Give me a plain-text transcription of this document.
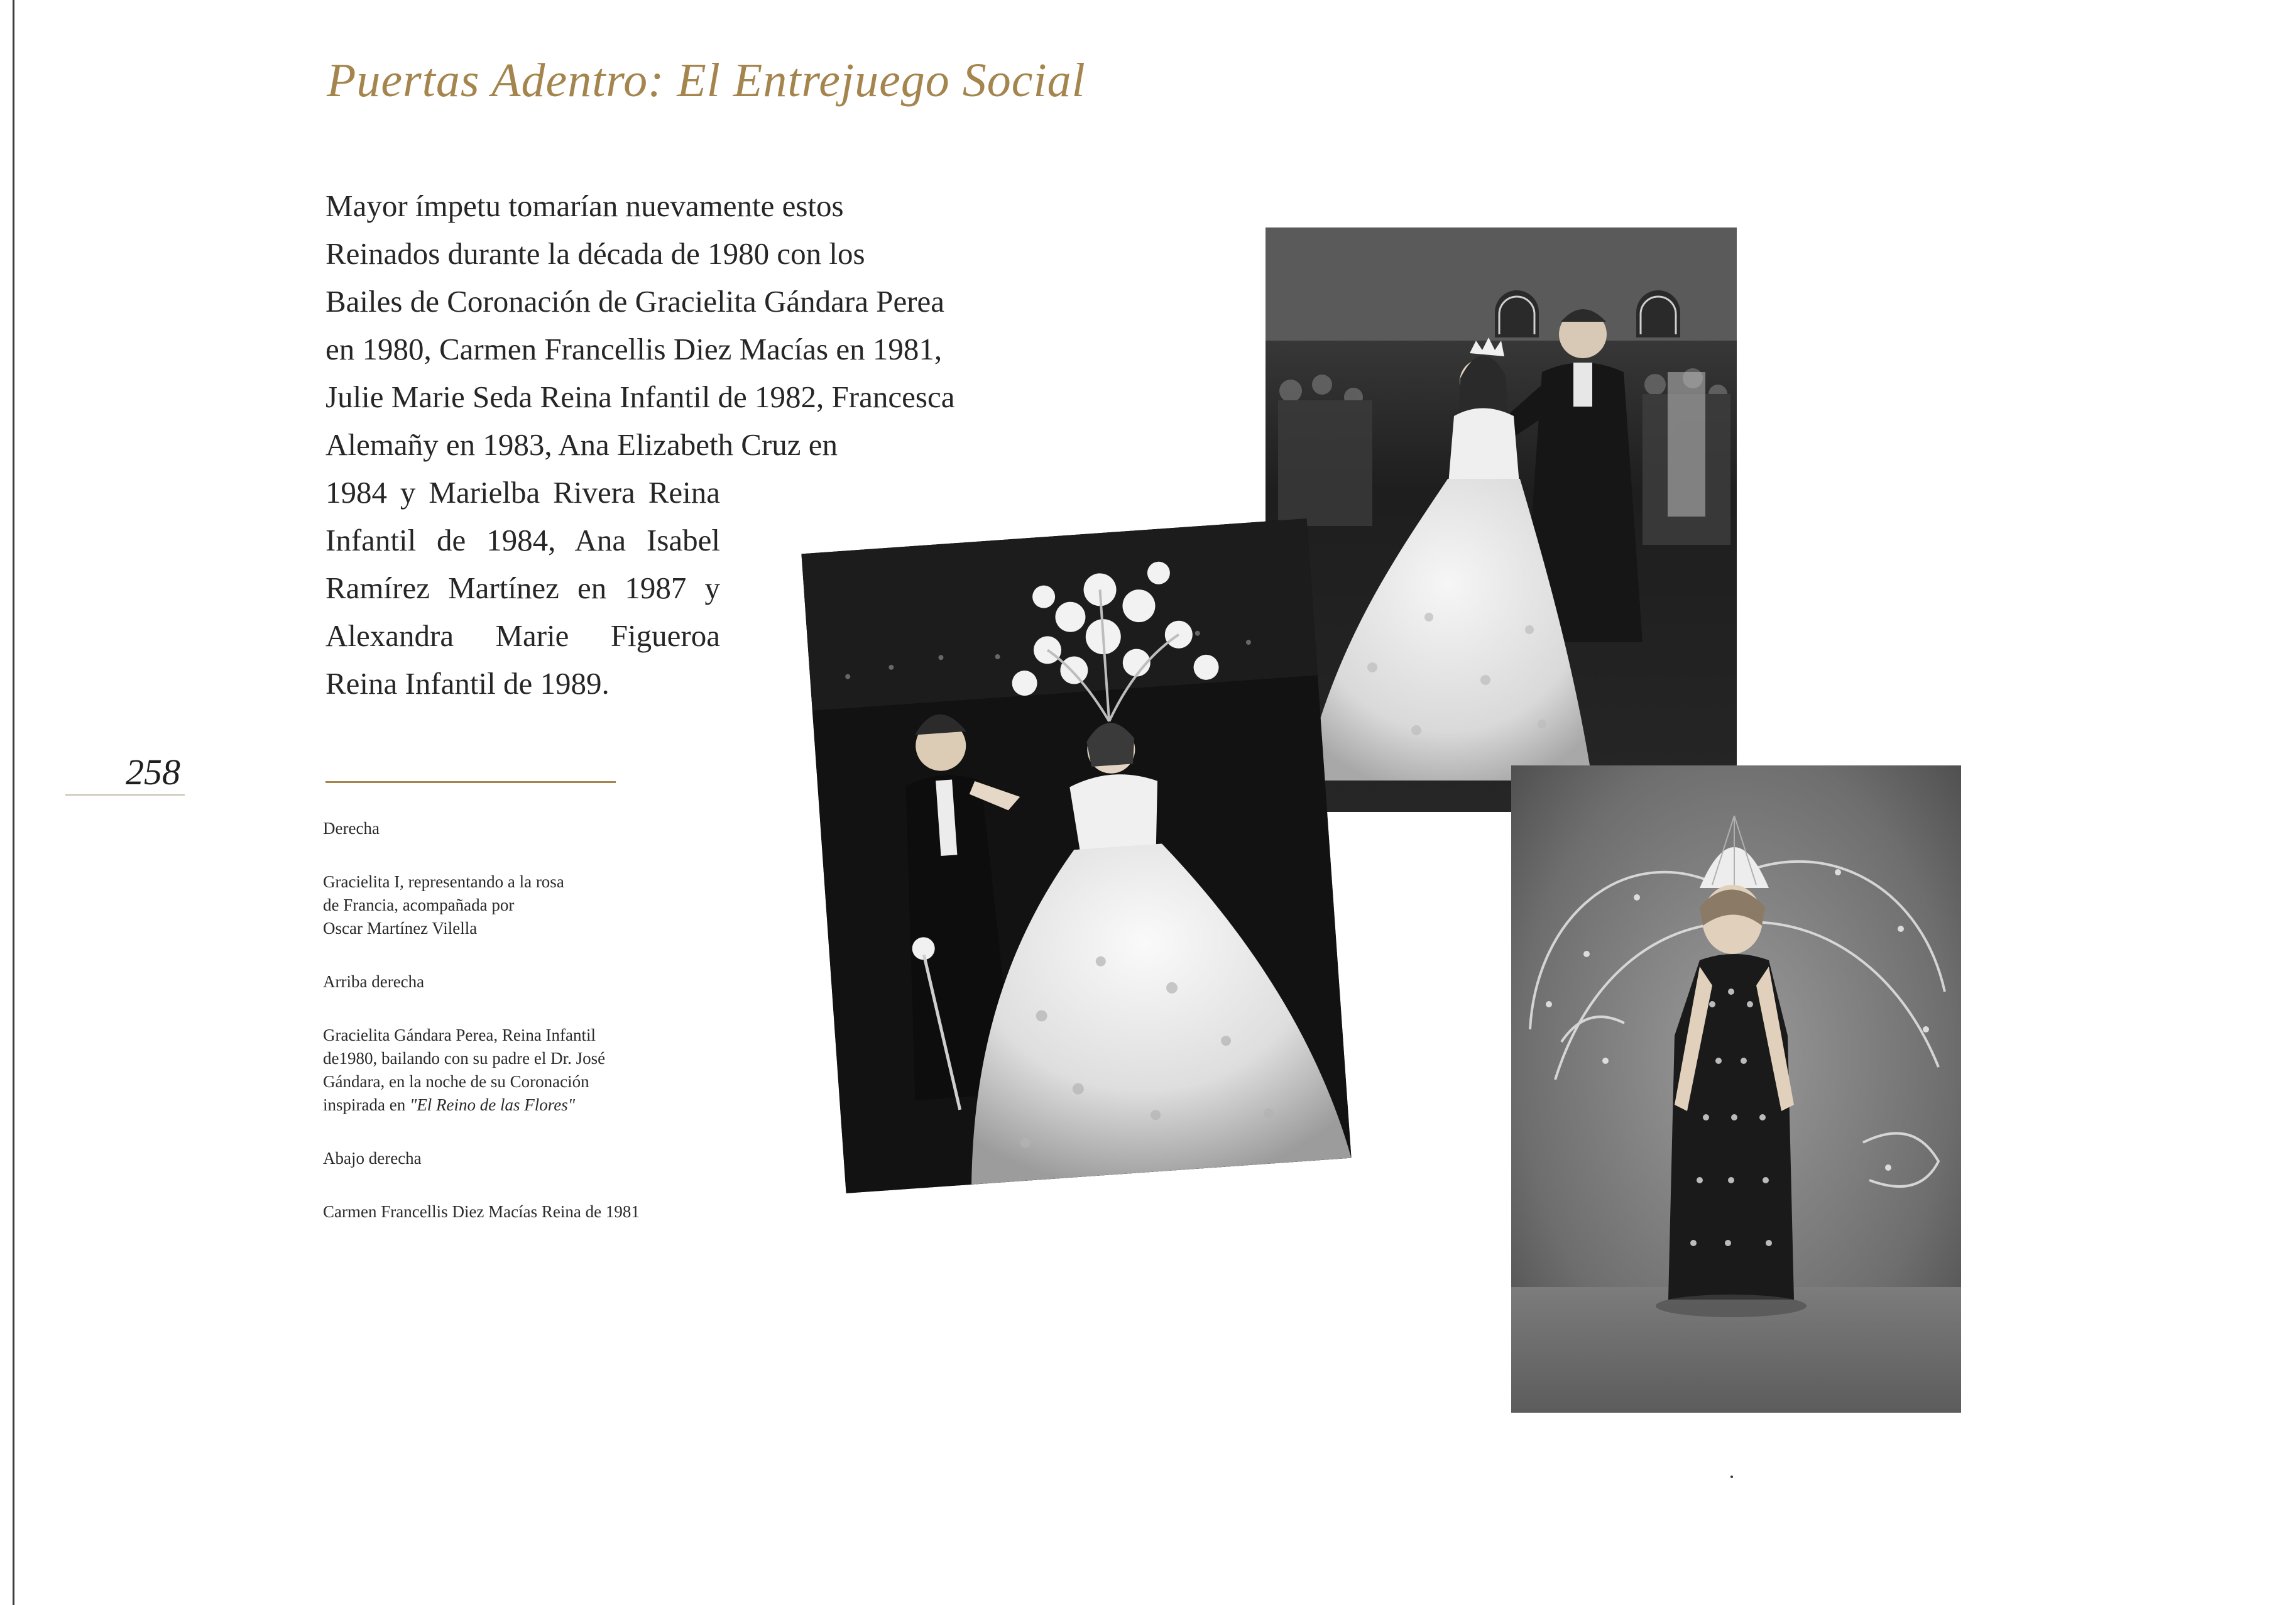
Puertas Adentro: El Entrejuego Social

Mayor ímpetu tomarían nuevamente estos
Reinados durante la década de 1980 con los
Bailes de Coronación de Gracielita Gándara Perea
en 1980, Carmen Francellis Diez Macías en 1981,
Julie Marie Seda Reina Infantil de 1982, Francesca
Alemañy en 1983, Ana Elizabeth Cruz en
1984 y Marielba Rivera Reina
Infantil de 1984, Ana Isabel
Ramírez Martínez en 1987 y
Alexandra Marie Figueroa
Reina Infantil de 1989.

258
Derecha
Gracielita I, representando a la rosa
de Francia, acompañada por
Oscar Martínez Vilella
Arriba derecha
Gracielita Gándara Perea, Reina Infantil
de1980, bailando con su padre el Dr. José
Gándara, en la noche de su Coronación
inspirada en "El Reino de las Flores"
Abajo derecha
Carmen Francellis Diez Macías Reina de 1981
